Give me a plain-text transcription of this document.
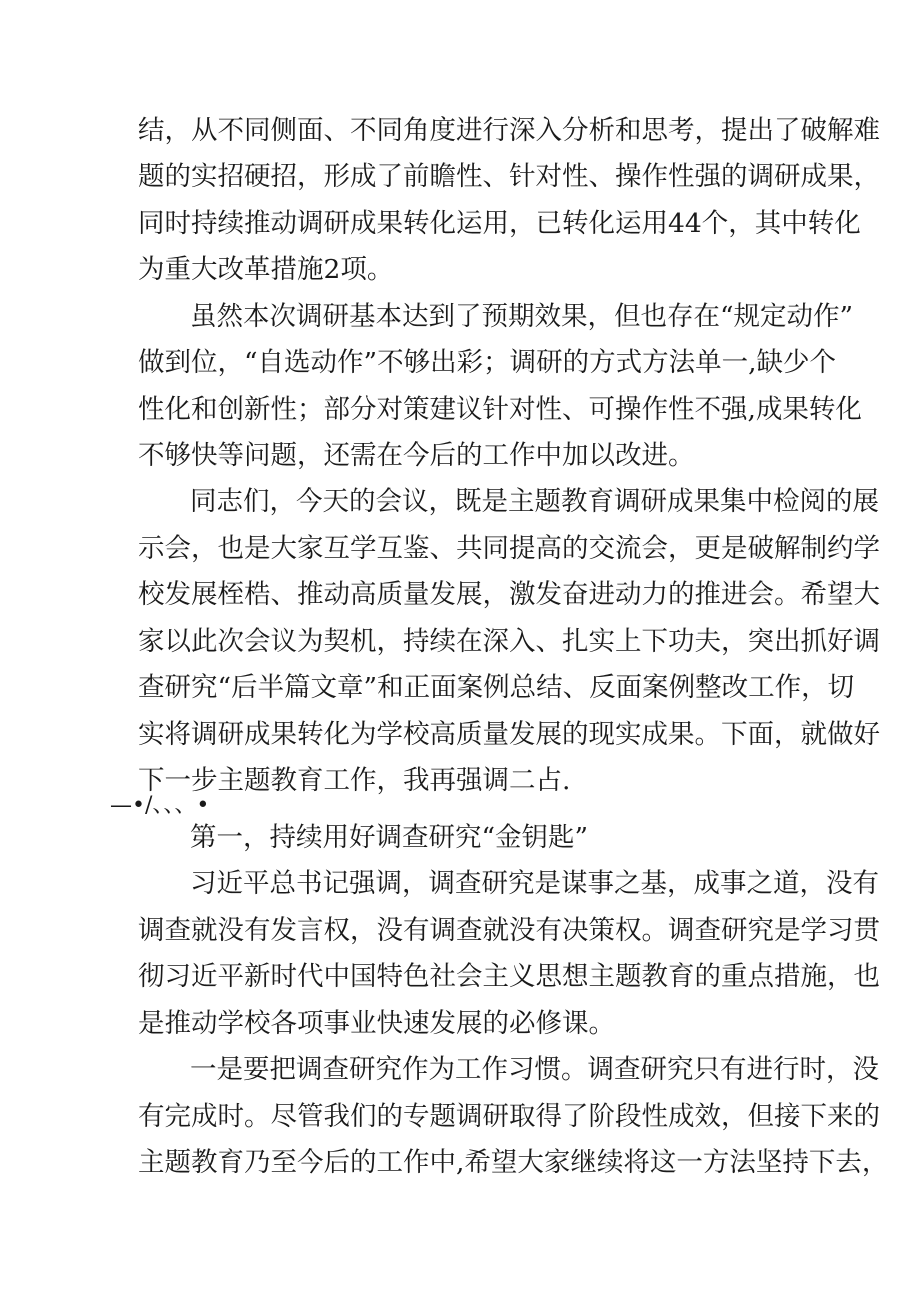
结，从不同侧面、不同角度进行深入分析和思考，提出了破解难
题的实招硬招，形成了前瞻性、针对性、操作性强的调研成果，
同时持续推动调研成果转化运用，已转化运用44个，其中转化
为重大改革措施2项。
虽然本次调研基本达到了预期效果，但也存在“规定动作”
做到位，“自选动作”不够出彩；调研的方式方法单一,缺少个
性化和创新性；部分对策建议针对性、可操作性不强,成果转化
不够快等问题，还需在今后的工作中加以改进。
同志们，今天的会议，既是主题教育调研成果集中检阅的展
示会，也是大家互学互鉴、共同提高的交流会，更是破解制约学
校发展桎梏、推动高质量发展，激发奋进动力的推进会。希望大
家以此次会议为契机，持续在深入、扎实上下功夫，突出抓好调
查研究“后半篇文章”和正面案例总结、反面案例整改工作，切
实将调研成果转化为学校高质量发展的现实成果。下面，就做好
下一步主题教育工作，我再强调二占.
—•/、、、•
第一，持续用好调查研究“金钥匙”
习近平总书记强调，调查研究是谋事之基，成事之道，没有
调查就没有发言权，没有调查就没有决策权。调查研究是学习贯
彻习近平新时代中国特色社会主义思想主题教育的重点措施，也
是推动学校各项事业快速发展的必修课。
一是要把调查研究作为工作习惯。调查研究只有进行时，没
有完成时。尽管我们的专题调研取得了阶段性成效，但接下来的
主题教育乃至今后的工作中,希望大家继续将这一方法坚持下去，
